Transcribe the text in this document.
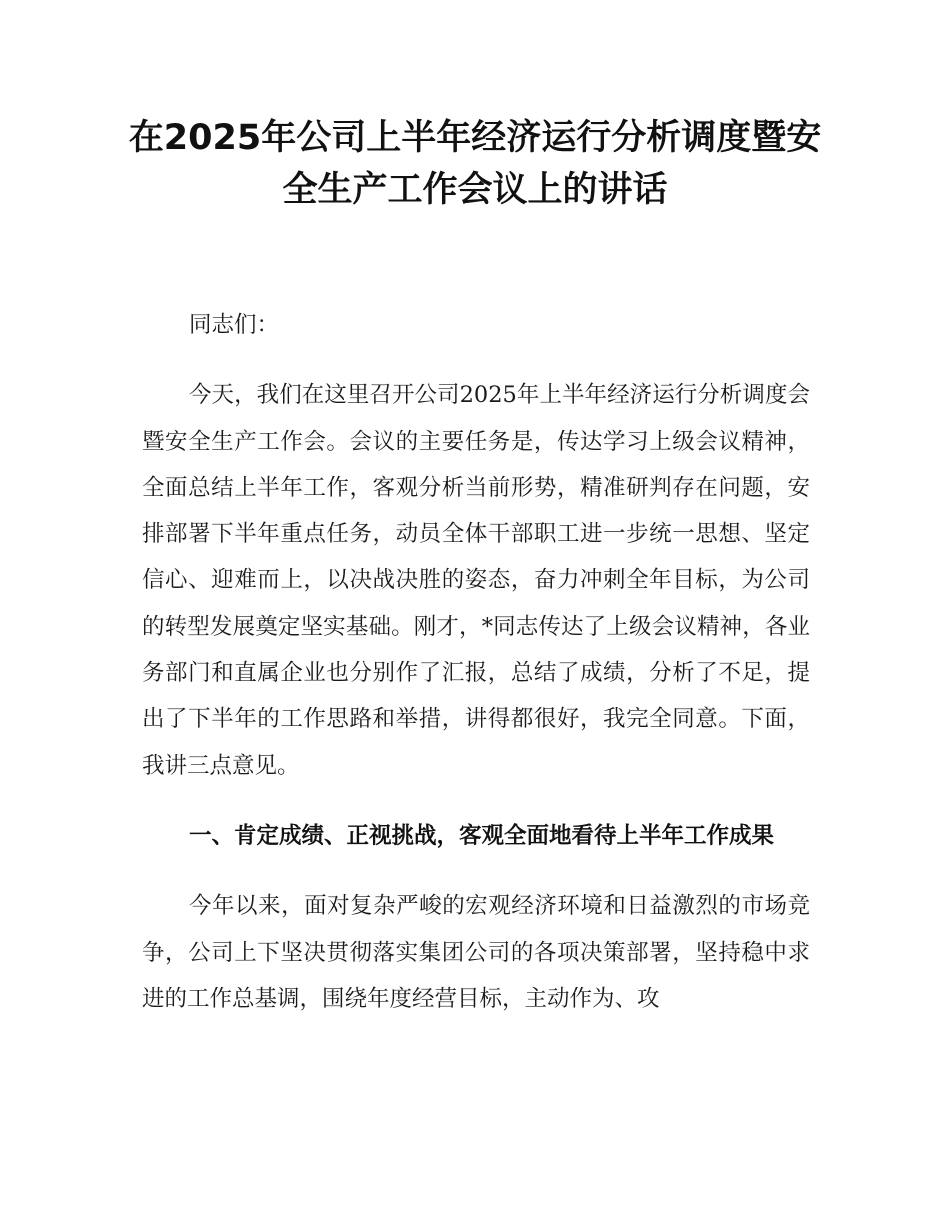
在2025年公司上半年经济运行分析调度暨安全生产工作会议上的讲话

同志们：

今天，我们在这里召开公司2025年上半年经济运行分析调度会暨安全生产工作会。会议的主要任务是，传达学习上级会议精神，全面总结上半年工作，客观分析当前形势，精准研判存在问题，安排部署下半年重点任务，动员全体干部职工进一步统一思想、坚定信心、迎难而上，以决战决胜的姿态，奋力冲刺全年目标，为公司的转型发展奠定坚实基础。刚才，*同志传达了上级会议精神，各业务部门和直属企业也分别作了汇报，总结了成绩，分析了不足，提出了下半年的工作思路和举措，讲得都很好，我完全同意。下面，我讲三点意见。

一、肯定成绩、正视挑战，客观全面地看待上半年工作成果

今年以来，面对复杂严峻的宏观经济环境和日益激烈的市场竞争，公司上下坚决贯彻落实集团公司的各项决策部署，坚持稳中求进的工作总基调，围绕年度经营目标，主动作为、攻
